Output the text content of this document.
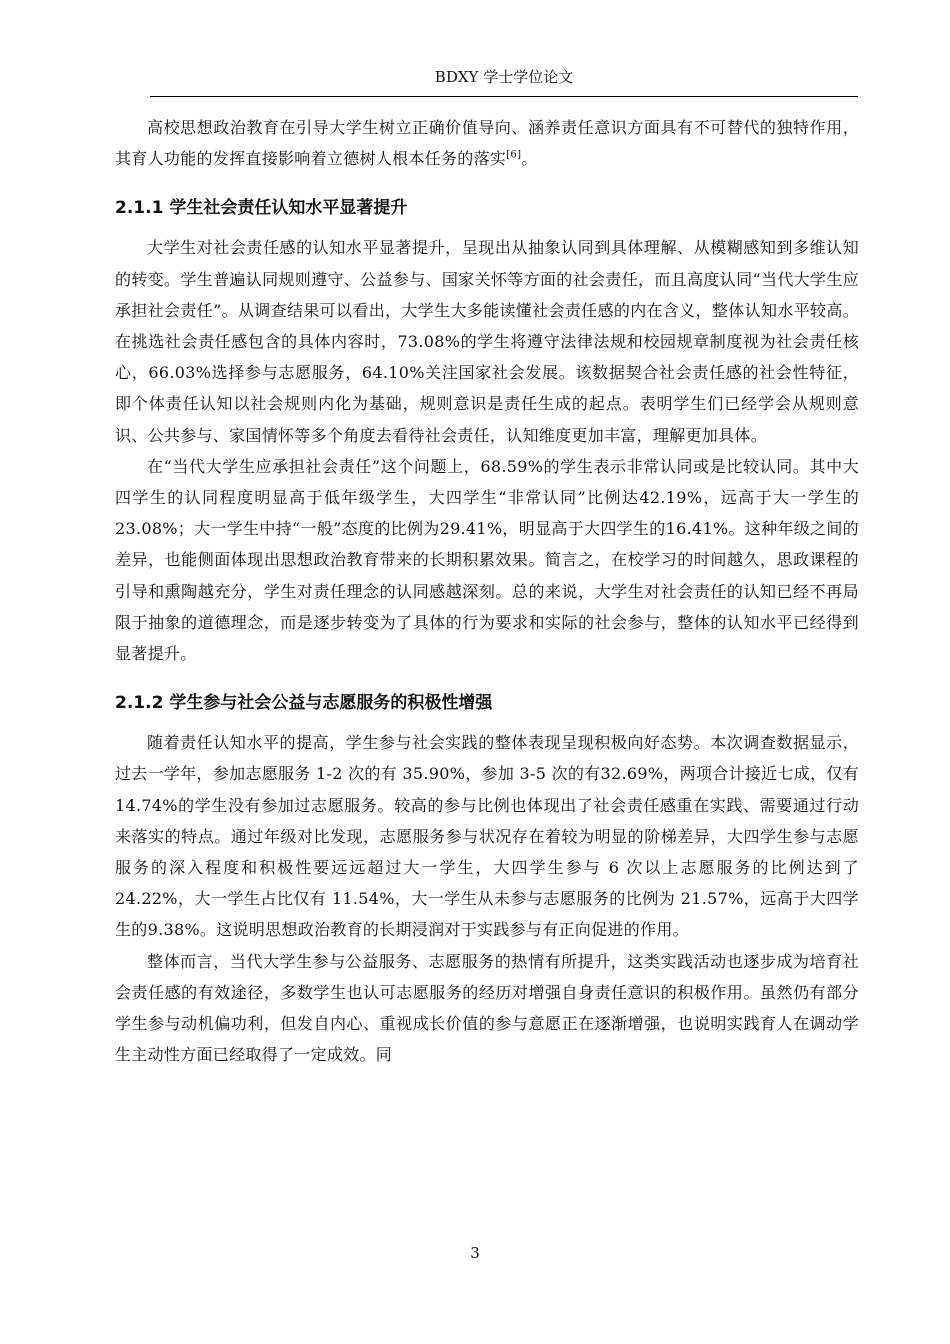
BDXY 学士学位论文

高校思想政治教育在引导大学生树立正确价值导向、涵养责任意识方面具有不可替代的独特作用，其育人功能的发挥直接影响着立德树人根本任务的落实[6]。

2.1.1 学生社会责任认知水平显著提升

大学生对社会责任感的认知水平显著提升，呈现出从抽象认同到具体理解、从模糊感知到多维认知的转变。学生普遍认同规则遵守、公益参与、国家关怀等方面的社会责任，而且高度认同“当代大学生应承担社会责任”。从调查结果可以看出，大学生大多能读懂社会责任感的内在含义，整体认知水平较高。在挑选社会责任感包含的具体内容时，73.08%的学生将遵守法律法规和校园规章制度视为社会责任核心，66.03%选择参与志愿服务，64.10%关注国家社会发展。该数据契合社会责任感的社会性特征，即个体责任认知以社会规则内化为基础，规则意识是责任生成的起点。表明学生们已经学会从规则意识、公共参与、家国情怀等多个角度去看待社会责任，认知维度更加丰富，理解更加具体。

在“当代大学生应承担社会责任”这个问题上，68.59%的学生表示非常认同或是比较认同。其中大四学生的认同程度明显高于低年级学生，大四学生“非常认同”比例达42.19%，远高于大一学生的23.08%；大一学生中持“一般”态度的比例为29.41%，明显高于大四学生的16.41%。这种年级之间的差异，也能侧面体现出思想政治教育带来的长期积累效果。简言之，在校学习的时间越久，思政课程的引导和熏陶越充分，学生对责任理念的认同感越深刻。总的来说，大学生对社会责任的认知已经不再局限于抽象的道德理念，而是逐步转变为了具体的行为要求和实际的社会参与，整体的认知水平已经得到显著提升。

2.1.2 学生参与社会公益与志愿服务的积极性增强

随着责任认知水平的提高，学生参与社会实践的整体表现呈现积极向好态势。本次调查数据显示，过去一学年，参加志愿服务 1-2 次的有 35.90%，参加 3-5 次的有32.69%，两项合计接近七成，仅有 14.74%的学生没有参加过志愿服务。较高的参与比例也体现出了社会责任感重在实践、需要通过行动来落实的特点。通过年级对比发现，志愿服务参与状况存在着较为明显的阶梯差异，大四学生参与志愿服务的深入程度和积极性要远远超过大一学生，大四学生参与 6 次以上志愿服务的比例达到了 24.22%，大一学生占比仅有 11.54%，大一学生从未参与志愿服务的比例为 21.57%，远高于大四学生的9.38%。这说明思想政治教育的长期浸润对于实践参与有正向促进的作用。

整体而言，当代大学生参与公益服务、志愿服务的热情有所提升，这类实践活动也逐步成为培育社会责任感的有效途径，多数学生也认可志愿服务的经历对增强自身责任意识的积极作用。虽然仍有部分学生参与动机偏功利，但发自内心、重视成长价值的参与意愿正在逐渐增强，也说明实践育人在调动学生主动性方面已经取得了一定成效。同

3
